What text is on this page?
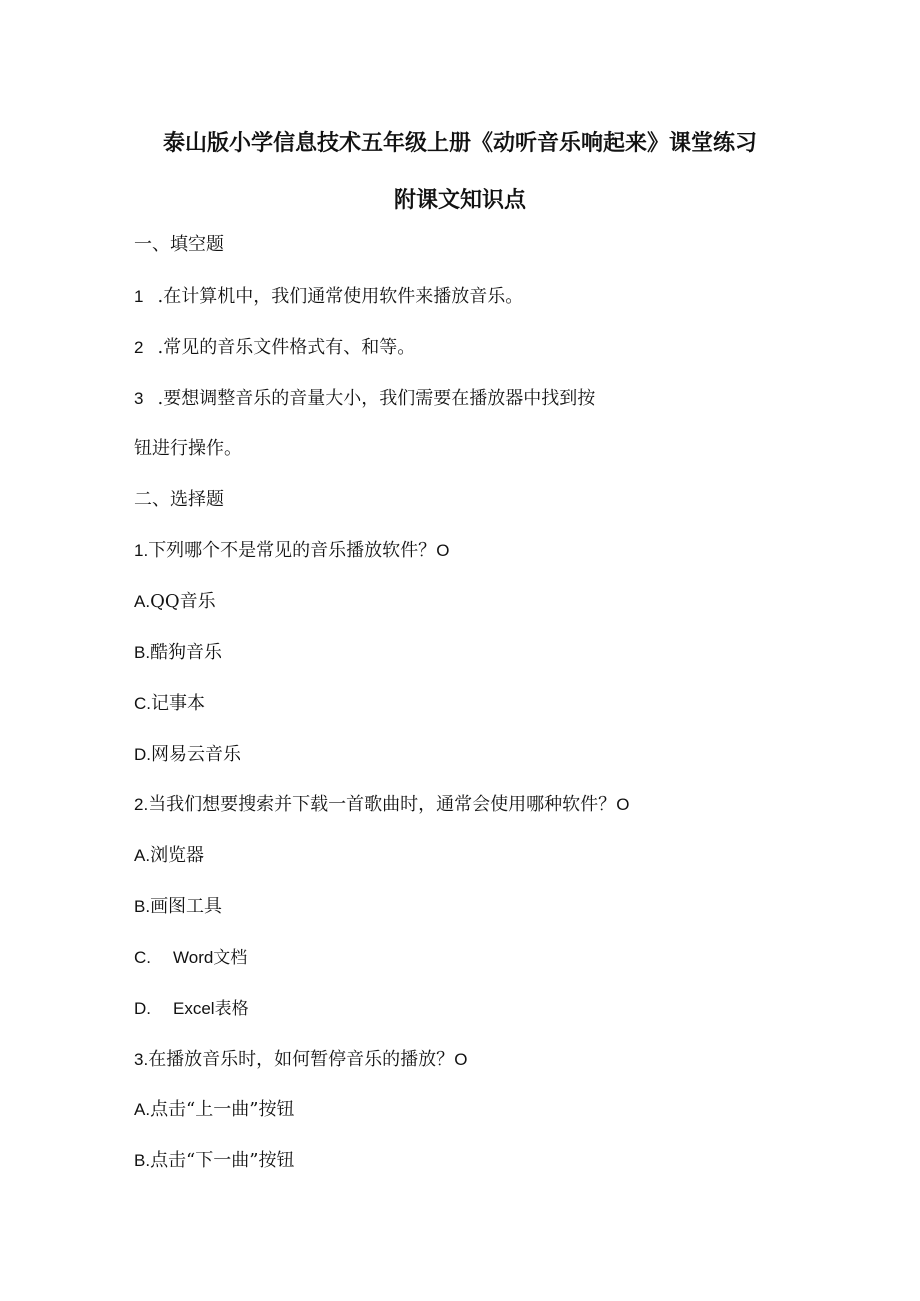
泰山版小学信息技术五年级上册《动听音乐响起来》课堂练习
附课文知识点
一、填空题
1 .在计算机中，我们通常使用软件来播放音乐。
2 .常见的音乐文件格式有、和等。
3 .要想调整音乐的音量大小，我们需要在播放器中找到按
钮进行操作。
二、选择题
1.下列哪个不是常见的音乐播放软件？O
A.QQ音乐
B.酷狗音乐
C.记事本
D.网易云音乐
2.当我们想要搜索并下载一首歌曲时，通常会使用哪种软件？O
A.浏览器
B.画图工具
C. Word文档
D. Excel表格
3.在播放音乐时，如何暂停音乐的播放？O
A.点击“上一曲”按钮
B.点击“下一曲”按钮
